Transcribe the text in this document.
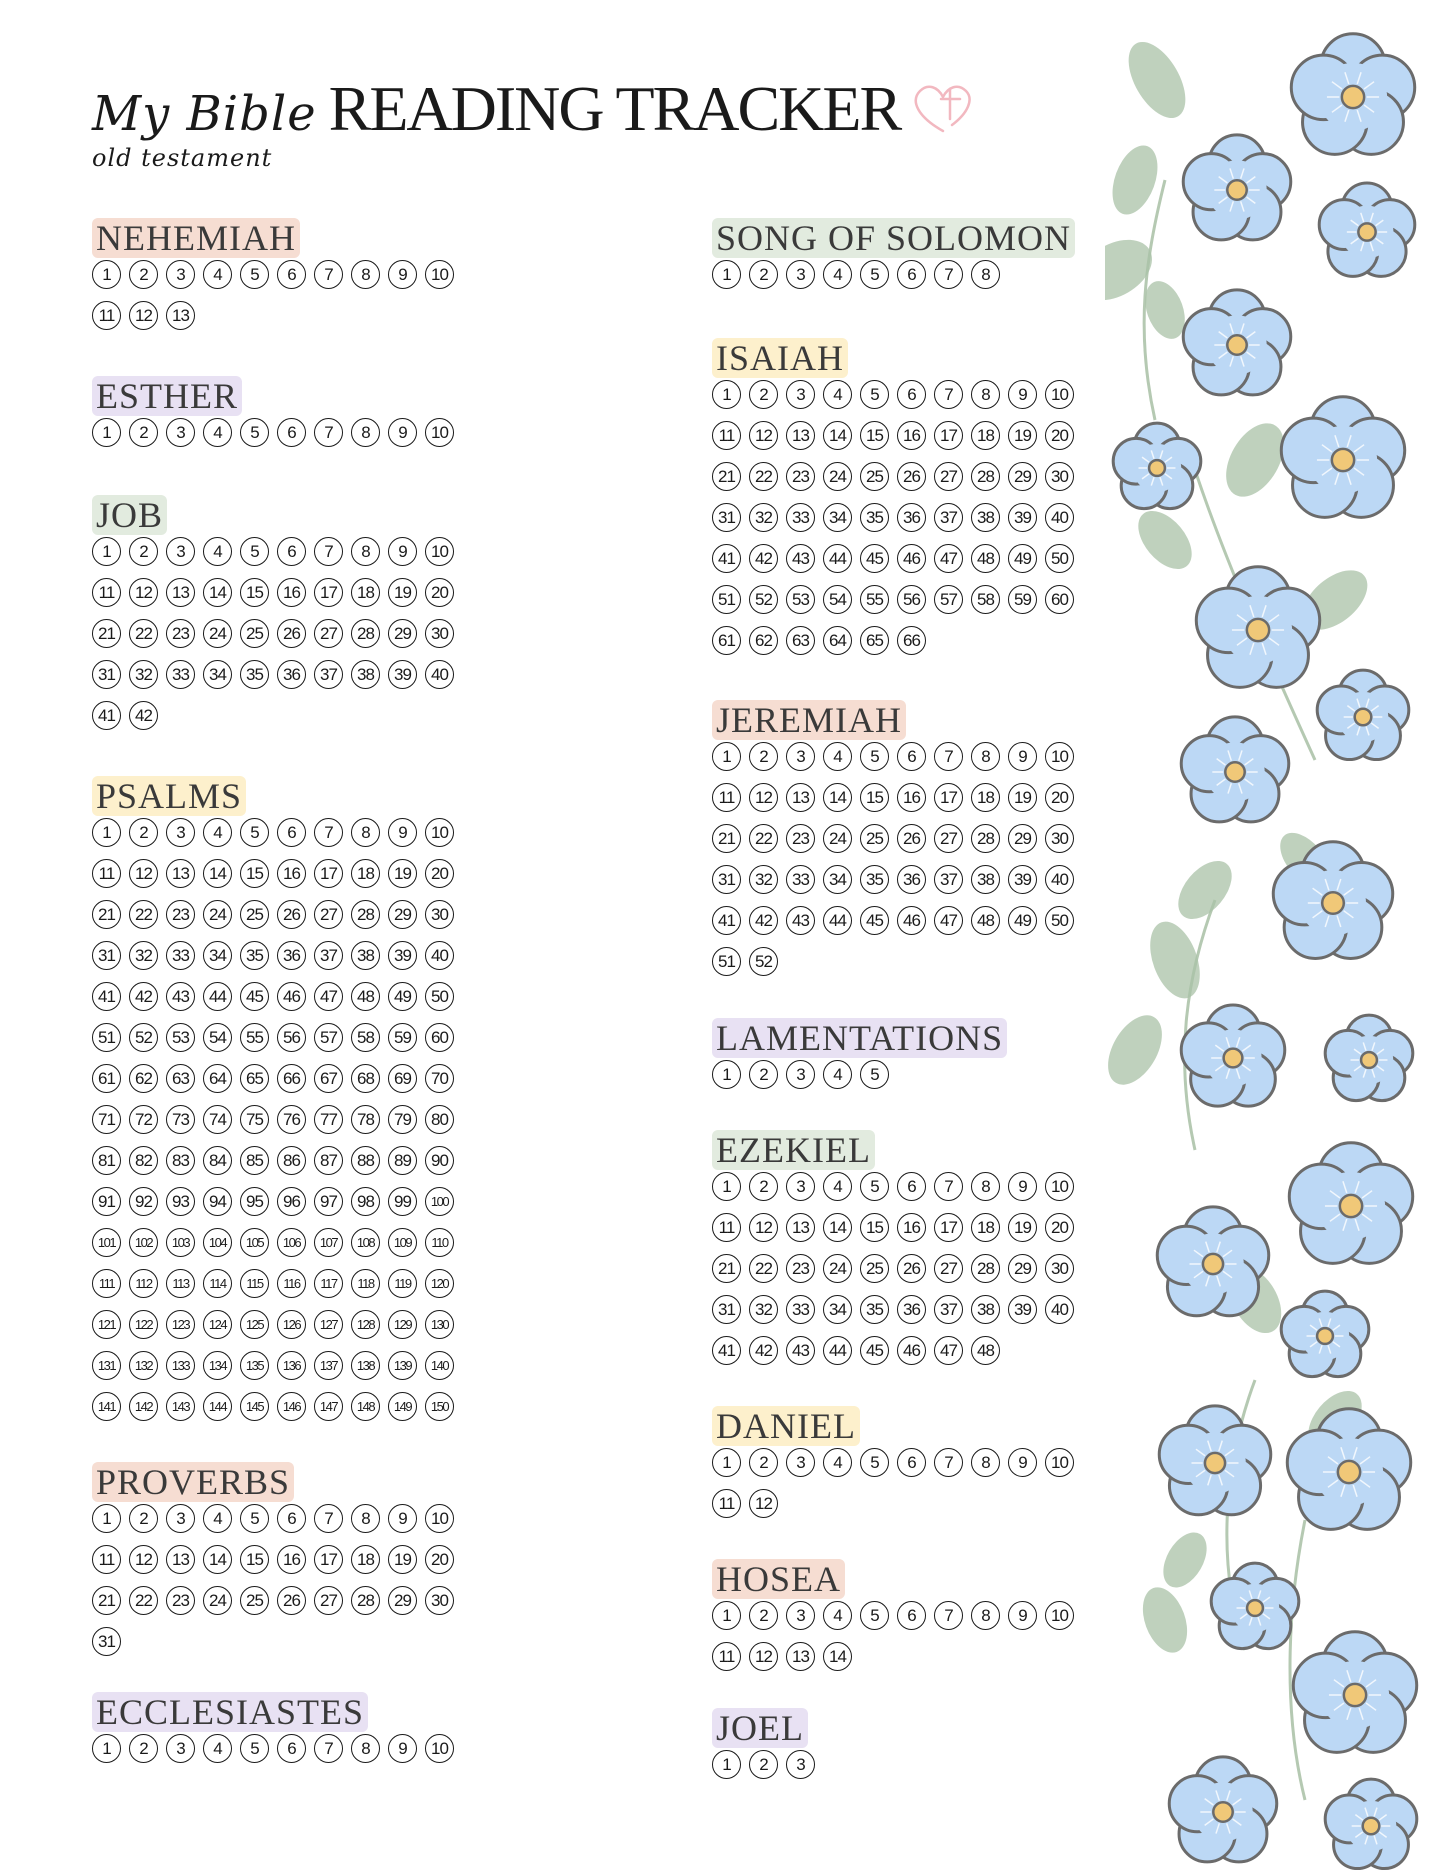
My Bible READING TRACKER
old testament
NEHEMIAH
1	2	3	4	5	6	7	8	9	10
11	12	13
ESTHER
1	2	3	4	5	6	7	8	9	10
JOB
1	2	3	4	5	6	7	8	9	10
11	12	13	14	15	16	17	18	19	20
21	22	23	24	25	26	27	28	29	30
31	32	33	34	35	36	37	38	39	40
41	42
PSALMS
1	2	3	4	5	6	7	8	9	10
11	12	13	14	15	16	17	18	19	20
21	22	23	24	25	26	27	28	29	30
31	32	33	34	35	36	37	38	39	40
41	42	43	44	45	46	47	48	49	50
51	52	53	54	55	56	57	58	59	60
61	62	63	64	65	66	67	68	69	70
71	72	73	74	75	76	77	78	79	80
81	82	83	84	85	86	87	88	89	90
91	92	93	94	95	96	97	98	99	100
101	102	103	104	105	106	107	108	109	110
111	112	113	114	115	116	117	118	119	120
121	122	123	124	125	126	127	128	129	130
131	132	133	134	135	136	137	138	139	140
141	142	143	144	145	146	147	148	149	150
PROVERBS
1	2	3	4	5	6	7	8	9	10
11	12	13	14	15	16	17	18	19	20
21	22	23	24	25	26	27	28	29	30
31
ECCLESIASTES
1	2	3	4	5	6	7	8	9	10
SONG OF SOLOMON
1	2	3	4	5	6	7	8
ISAIAH
1	2	3	4	5	6	7	8	9	10
11	12	13	14	15	16	17	18	19	20
21	22	23	24	25	26	27	28	29	30
31	32	33	34	35	36	37	38	39	40
41	42	43	44	45	46	47	48	49	50
51	52	53	54	55	56	57	58	59	60
61	62	63	64	65	66
JEREMIAH
1	2	3	4	5	6	7	8	9	10
11	12	13	14	15	16	17	18	19	20
21	22	23	24	25	26	27	28	29	30
31	32	33	34	35	36	37	38	39	40
41	42	43	44	45	46	47	48	49	50
51	52
LAMENTATIONS
1	2	3	4	5
EZEKIEL
1	2	3	4	5	6	7	8	9	10
11	12	13	14	15	16	17	18	19	20
21	22	23	24	25	26	27	28	29	30
31	32	33	34	35	36	37	38	39	40
41	42	43	44	45	46	47	48
DANIEL
1	2	3	4	5	6	7	8	9	10
11	12
HOSEA
1	2	3	4	5	6	7	8	9	10
11	12	13	14
JOEL
1	2	3
